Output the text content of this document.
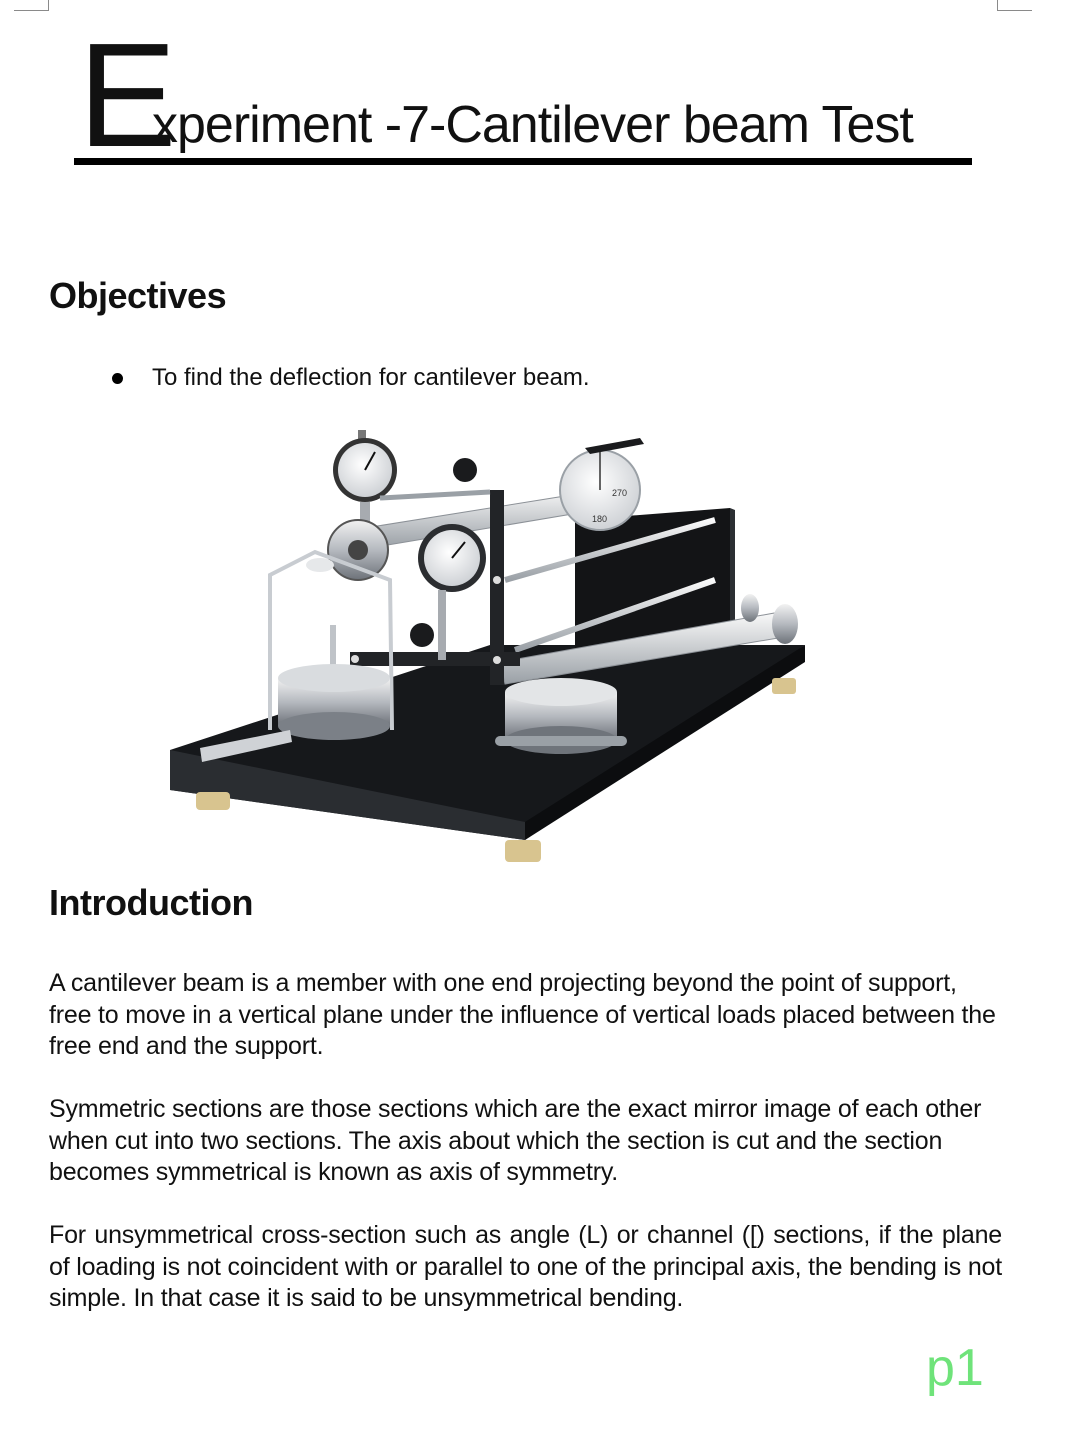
E
xperiment -7-Cantilever beam Test
Objectives
To find the deflection for cantilever beam.
270
180
Introduction

A cantilever beam is a member with one end projecting beyond the point of support, free to move in a vertical plane under the influence of vertical loads placed between the free end and the support.

Symmetric sections are those sections which are the exact mirror image of each other when cut into two sections. The axis about which the section is cut and the section becomes symmetrical is known as axis of symmetry.

For unsymmetrical cross-section such as angle (L) or channel ([) sections, if the plane of loading is not coincident with or parallel to one of the principal axis, the bending is not simple. In that case it is said to be unsymmetrical bending.

p1
